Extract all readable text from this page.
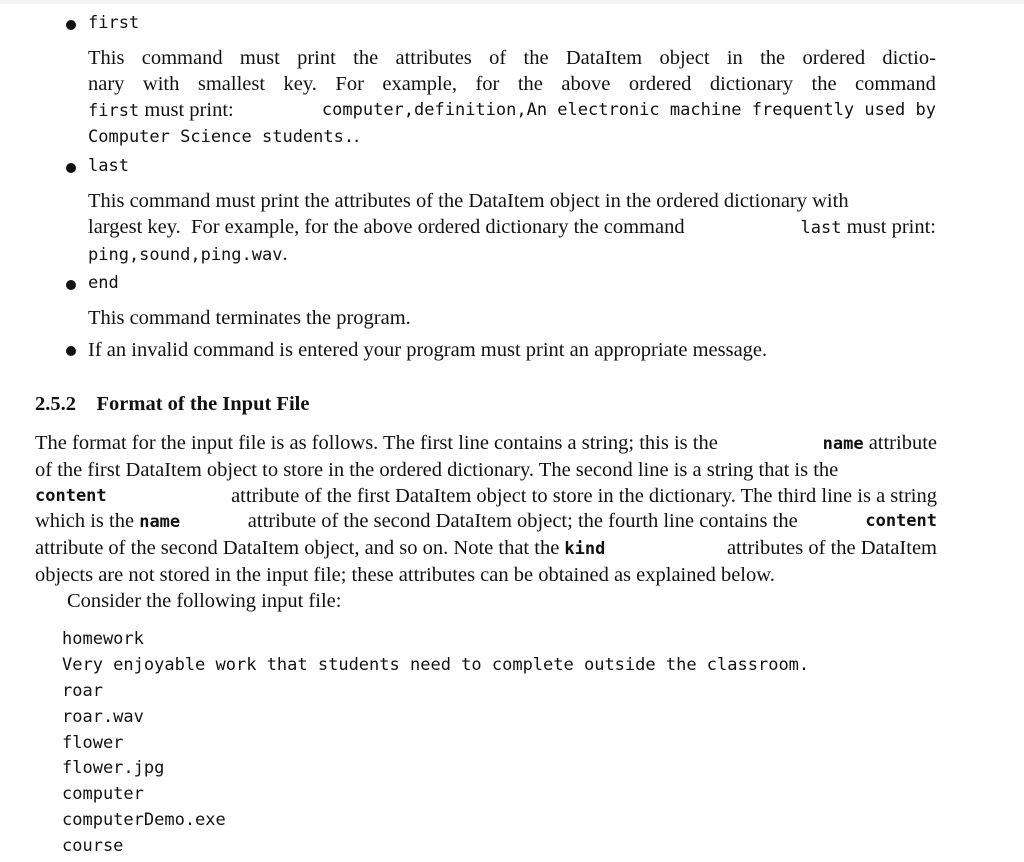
first
This command must print the attributes of the DataItem object in the ordered dictio-
nary with smallest key. For example, for the above ordered dictionary the command
first must print:	computer,definition,An electronic machine frequently used by
Computer Science students..
last
This command must print the attributes of the DataItem object in the ordered dictionary with
largest key.  For example, for the above ordered dictionary the command	last must print:
ping,sound,ping.wav.
end
This command terminates the program.
If an invalid command is entered your program must print an appropriate message.
2.5.2 Format of the Input File
The format for the input file is as follows. The first line contains a string; this is the	name attribute
of the first DataItem object to store in the ordered dictionary. The second line is a string that is the
content	attribute of the first DataItem object to store in the dictionary. The third line is a string
which is the name	attribute of the second DataItem object; the fourth line contains the	content
attribute of the second DataItem object, and so on. Note that the kind	attributes of the DataItem
objects are not stored in the input file; these attributes can be obtained as explained below.
Consider the following input file:
homework
Very enjoyable work that students need to complete outside the classroom.
roar
roar.wav
flower
flower.jpg
computer
computerDemo.exe
course
